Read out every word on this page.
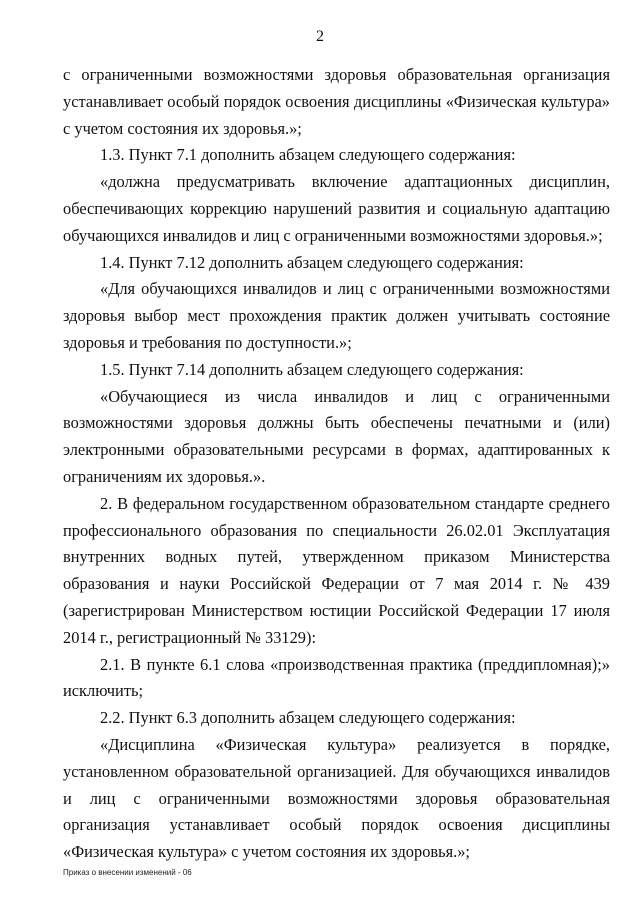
2

с ограниченными возможностями здоровья образовательная организация устанавливает особый порядок освоения дисциплины «Физическая культура» с учетом состояния их здоровья.»;

1.3. Пункт 7.1 дополнить абзацем следующего содержания:

«должна предусматривать включение адаптационных дисциплин, обеспечивающих коррекцию нарушений развития и социальную адаптацию обучающихся инвалидов и лиц с ограниченными возможностями здоровья.»;

1.4. Пункт 7.12 дополнить абзацем следующего содержания:

«Для обучающихся инвалидов и лиц с ограниченными возможностями здоровья выбор мест прохождения практик должен учитывать состояние здоровья и требования по доступности.»;

1.5. Пункт 7.14 дополнить абзацем следующего содержания:

«Обучающиеся из числа инвалидов и лиц с ограниченными возможностями здоровья должны быть обеспечены печатными и (или) электронными образовательными ресурсами в формах, адаптированных к ограничениям их здоровья.».

2. В федеральном государственном образовательном стандарте среднего профессионального образования по специальности 26.02.01 Эксплуатация внутренних водных путей, утвержденном приказом Министерства образования и науки Российской Федерации от 7 мая 2014 г. № 439 (зарегистрирован Министерством юстиции Российской Федерации 17 июля 2014 г., регистрационный № 33129):

2.1. В пункте 6.1 слова «производственная практика (преддипломная);» исключить;

2.2. Пункт 6.3 дополнить абзацем следующего содержания:

«Дисциплина «Физическая культура» реализуется в порядке, установленном образовательной организацией. Для обучающихся инвалидов и лиц с ограниченными возможностями здоровья образовательная организация устанавливает особый порядок освоения дисциплины «Физическая культура» с учетом состояния их здоровья.»;

Приказ о внесении изменений - 06
